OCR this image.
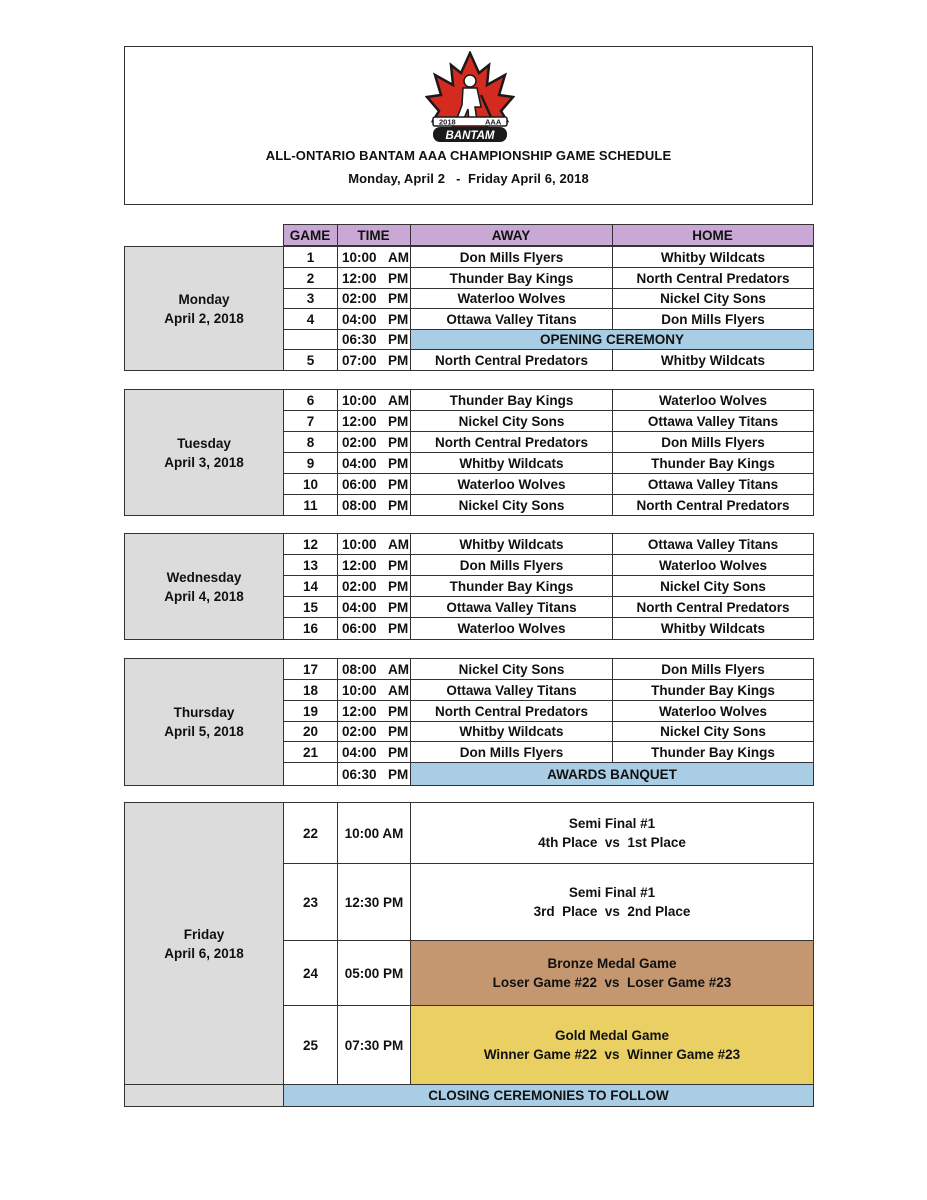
2018	AAA
BANTAM
ALL-ONTARIO BANTAM AAA CHAMPIONSHIP GAME SCHEDULE
Monday, April 2   -  Friday April 6, 2018
	GAME	TIME	AWAY	HOME
Monday
April 2, 2018	1	10:00 AM	Don Mills Flyers	Whitby Wildcats
	2	12:00 PM	Thunder Bay Kings	North Central Predators
	3	02:00 PM	Waterloo Wolves	Nickel City Sons
	4	04:00 PM	Ottawa Valley Titans	Don Mills Flyers
		06:30 PM	OPENING CEREMONY	
	5	07:00 PM	North Central Predators	Whitby Wildcats
Tuesday
April 3, 2018	6	10:00 AM	Thunder Bay Kings	Waterloo Wolves
	7	12:00 PM	Nickel City Sons	Ottawa Valley Titans
	8	02:00 PM	North Central Predators	Don Mills Flyers
	9	04:00 PM	Whitby Wildcats	Thunder Bay Kings
	10	06:00 PM	Waterloo Wolves	Ottawa Valley Titans
	11	08:00 PM	Nickel City Sons	North Central Predators
Wednesday
April 4, 2018	12	10:00 AM	Whitby Wildcats	Ottawa Valley Titans
	13	12:00 PM	Don Mills Flyers	Waterloo Wolves
	14	02:00 PM	Thunder Bay Kings	Nickel City Sons
	15	04:00 PM	Ottawa Valley Titans	North Central Predators
	16	06:00 PM	Waterloo Wolves	Whitby Wildcats
Thursday
April 5, 2018	17	08:00 AM	Nickel City Sons	Don Mills Flyers
	18	10:00 AM	Ottawa Valley Titans	Thunder Bay Kings
	19	12:00 PM	North Central Predators	Waterloo Wolves
	20	02:00 PM	Whitby Wildcats	Nickel City Sons
	21	04:00 PM	Don Mills Flyers	Thunder Bay Kings
		06:30 PM	AWARDS BANQUET	
Friday
April 6, 2018	22	10:00 AM	Semi Final #1
4th Place  vs  1st Place
	23	12:30 PM	Semi Final #1
3rd  Place  vs  2nd Place
	24	05:00 PM	Bronze Medal Game
Loser Game #22  vs  Loser Game #23
	25	07:30 PM	Gold Medal Game
Winner Game #22  vs  Winner Game #23
	CLOSING CEREMONIES TO FOLLOW		
